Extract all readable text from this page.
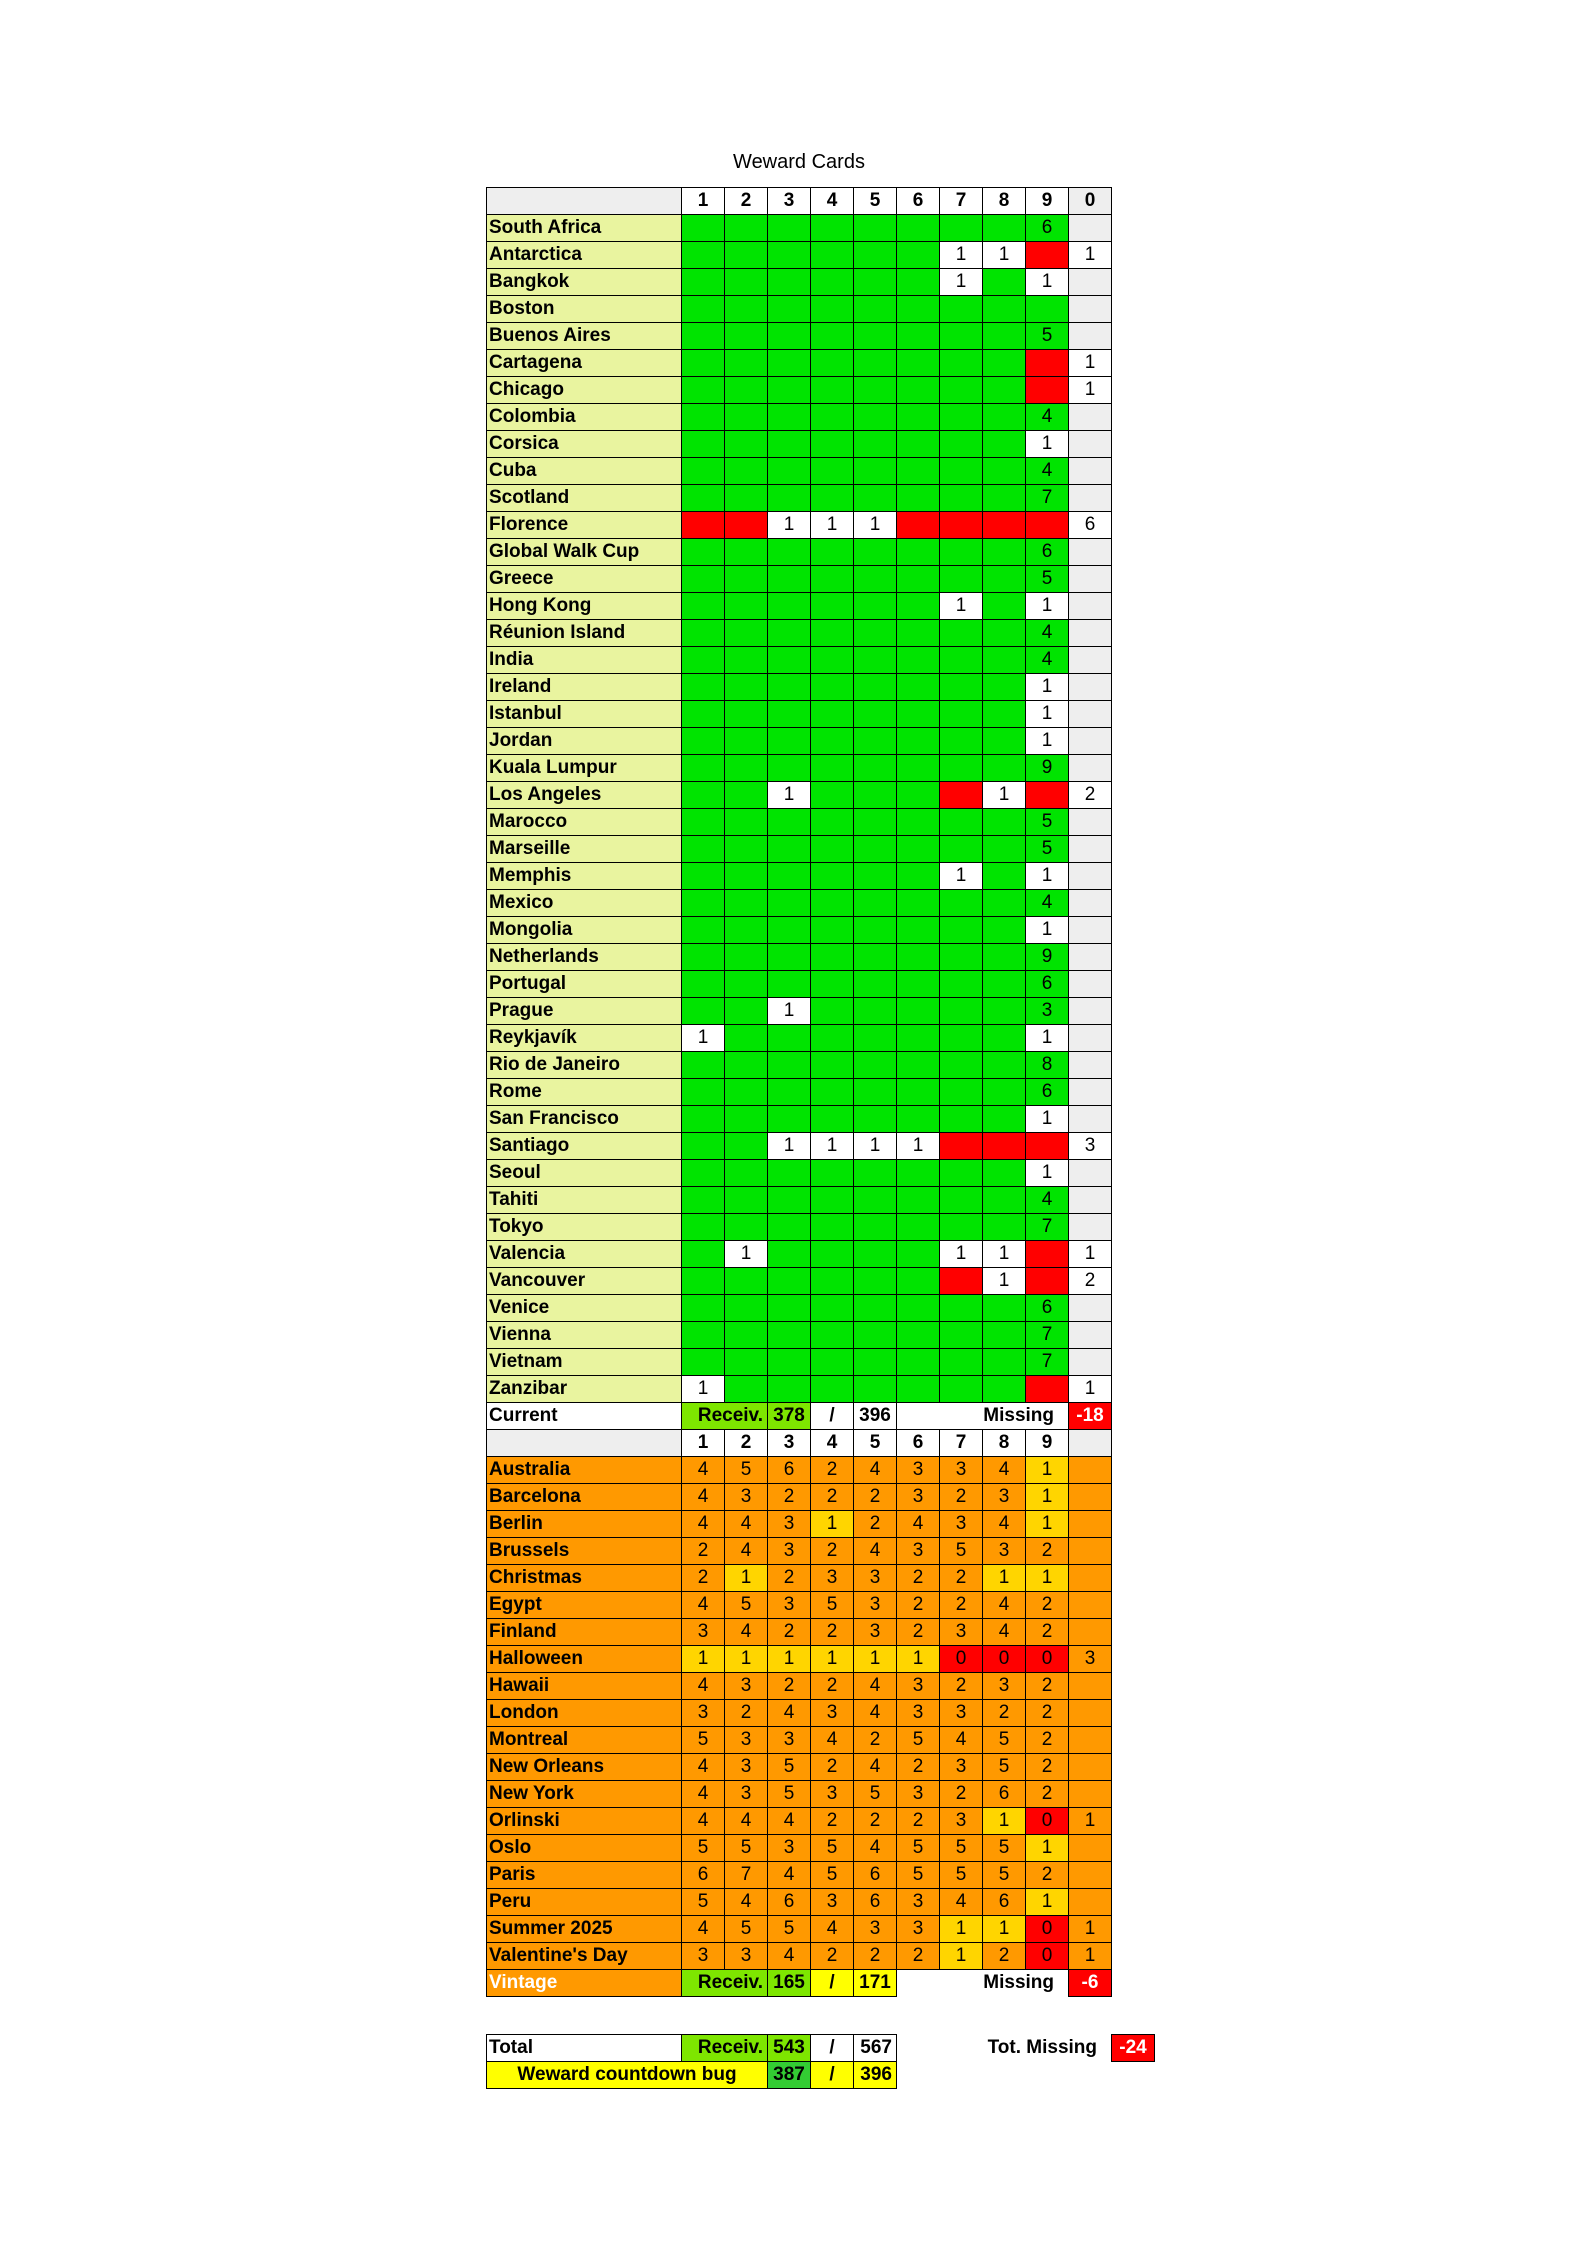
Weward Cards
	1	2	3	4	5	6	7	8	9	0
South Africa									6	
Antarctica							1	1		1
Bangkok							1		1	
Boston										
Buenos Aires									5	
Cartagena										1
Chicago										1
Colombia									4	
Corsica									1	
Cuba									4	
Scotland									7	
Florence			1	1	1					6
Global Walk Cup									6	
Greece									5	
Hong Kong							1		1	
Réunion Island									4	
India									4	
Ireland									1	
Istanbul									1	
Jordan									1	
Kuala Lumpur									9	
Los Angeles			1					1		2
Marocco									5	
Marseille									5	
Memphis							1		1	
Mexico									4	
Mongolia									1	
Netherlands									9	
Portugal									6	
Prague			1						3	
Reykjavík	1								1	
Rio de Janeiro									8	
Rome									6	
San Francisco									1	
Santiago			1	1	1	1				3
Seoul									1	
Tahiti									4	
Tokyo									7	
Valencia		1					1	1		1
Vancouver								1		2
Venice									6	
Vienna									7	
Vietnam									7	
Zanzibar	1									1
Current	Receiv.		378	/	396	Missing				-18
	1	2	3	4	5	6	7	8	9	
Australia	4	5	6	2	4	3	3	4	1	
Barcelona	4	3	2	2	2	3	2	3	1	
Berlin	4	4	3	1	2	4	3	4	1	
Brussels	2	4	3	2	4	3	5	3	2	
Christmas	2	1	2	3	3	2	2	1	1	
Egypt	4	5	3	5	3	2	2	4	2	
Finland	3	4	2	2	3	2	3	4	2	
Halloween	1	1	1	1	1	1	0	0	0	3
Hawaii	4	3	2	2	4	3	2	3	2	
London	3	2	4	3	4	3	3	2	2	
Montreal	5	3	3	4	2	5	4	5	2	
New Orleans	4	3	5	2	4	2	3	5	2	
New York	4	3	5	3	5	3	2	6	2	
Orlinski	4	4	4	2	2	2	3	1	0	1
Oslo	5	5	3	5	4	5	5	5	1	
Paris	6	7	4	5	6	5	5	5	2	
Peru	5	4	6	3	6	3	4	6	1	
Summer 2025	4	5	5	4	3	3	1	1	0	1
Valentine's Day	3	3	4	2	2	2	1	2	0	1
Vintage	Receiv.		165	/	171	Missing				-6
Total	Receiv.	543	/	567		Tot. Missing	-24
Weward countdown bug		387	/	396			
